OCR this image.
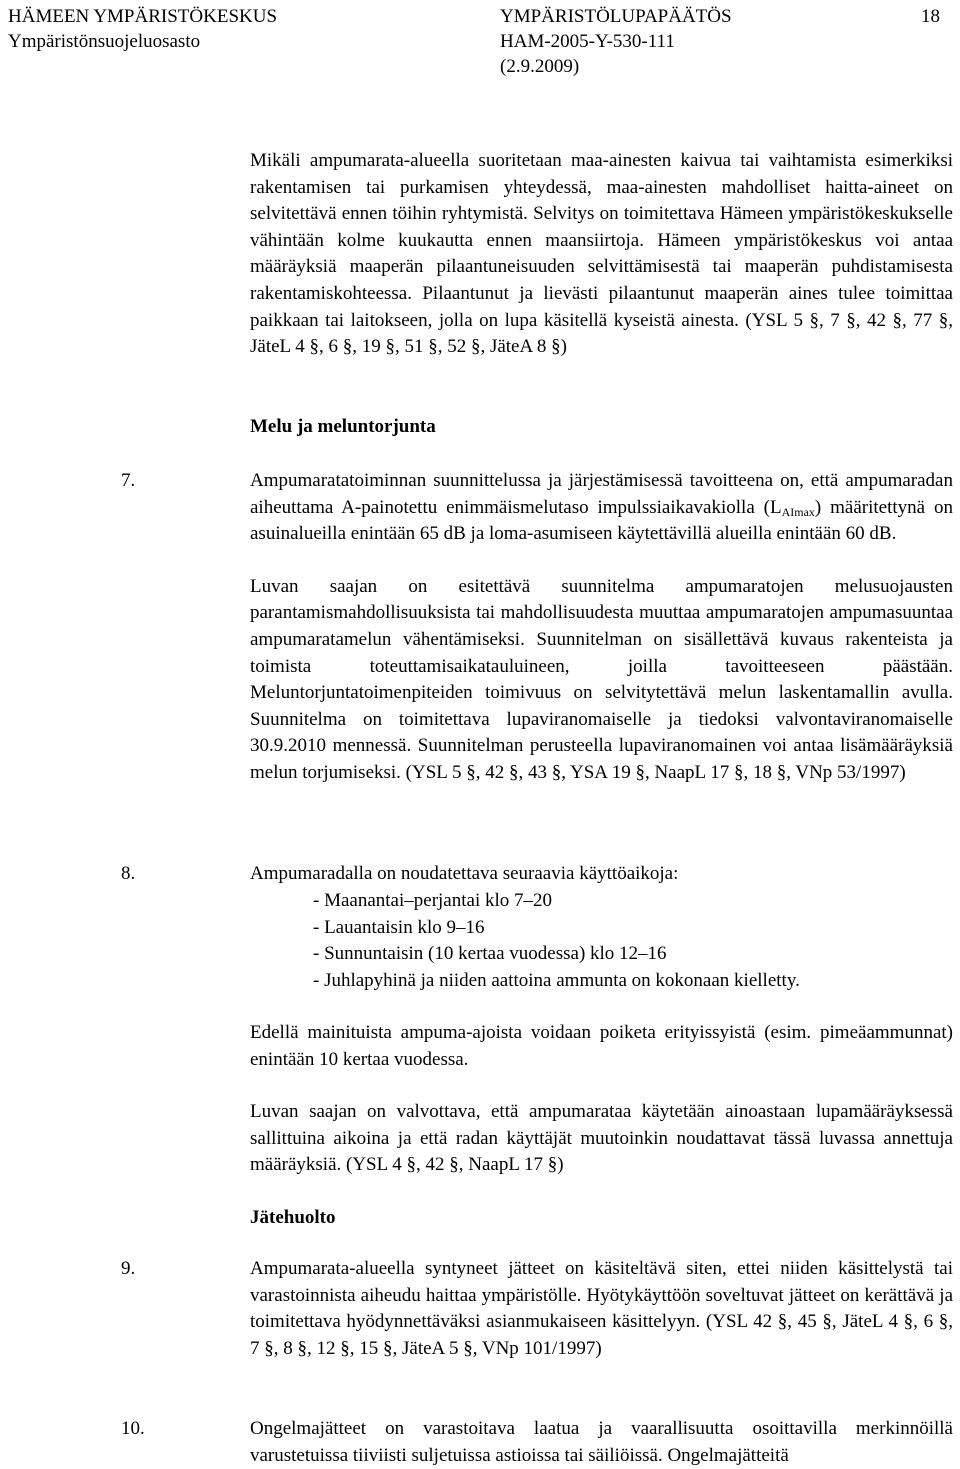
HÄMEEN YMPÄRISTÖKESKUS
Ympäristönsuojeluosasto
YMPÄRISTÖLUPAPÄÄTÖS
HAM-2005-Y-530-111
(2.9.2009)
18

Mikäli ampumarata-alueella suoritetaan maa-ainesten kaivua tai vaihtamista esimerkiksi rakentamisen tai purkamisen yhteydessä, maa-ainesten mahdolliset haitta-aineet on selvitettävä ennen töihin ryhtymistä. Selvitys on toimitettava Hämeen ympäristökeskukselle vähintään kolme kuukautta ennen maansiirtoja. Hämeen ympäristökeskus voi antaa määräyksiä maaperän pilaantuneisuuden selvittämisestä tai maaperän puhdistamisesta rakentamiskohteessa. Pilaantunut ja lievästi pilaantunut maaperän aines tulee toimittaa paikkaan tai laitokseen, jolla on lupa käsitellä kyseistä ainesta. (YSL 5 §, 7 §, 42 §, 77 §, JäteL 4 §, 6 §, 19 §, 51 §, 52 §, JäteA 8 §)

Melu ja meluntorjunta
7.	Ampumaratatoiminnan suunnittelussa ja järjestämisessä tavoitteena on, että ampumaradan aiheuttama A-painotettu enimmäismelutaso impulssiaikavakiolla $(L_{AImax})$ määritettynä on asuinalueilla enintään 65 dB ja loma-asumiseen käytettävillä alueilla enintään 60 dB.

Luvan saajan on esitettävä suunnitelma ampumaratojen melusuojausten parantamismahdollisuuksista tai mahdollisuudesta muuttaa ampumaratojen ampumasuuntaa ampumaratamelun vähentämiseksi. Suunnitelman on sisällettävä kuvaus rakenteista ja toimista toteuttamisaikatauluineen, joilla tavoitteeseen päästään. Meluntorjuntatoimenpiteiden toimivuus on selvitytettävä melun laskentamallin avulla. Suunnitelma on toimitettava lupaviranomaiselle ja tiedoksi valvontaviranomaiselle 30.9.2010 mennessä. Suunnitelman perusteella lupaviranomainen voi antaa lisämääräyksiä melun torjumiseksi. (YSL 5 §, 42 §, 43 §, YSA 19 §, NaapL 17 §, 18 §, VNp 53/1997)

8.	Ampumaradalla on noudatettava seuraavia käyttöaikoja:

- Maanantai–perjantai klo 7–20
- Lauantaisin klo 9–16
- Sunnuntaisin (10 kertaa vuodessa) klo 12–16
- Juhlapyhinä ja niiden aattoina ammunta on kokonaan kielletty.

Edellä mainituista ampuma-ajoista voidaan poiketa erityissyistä (esim. pimeäammunnat) enintään 10 kertaa vuodessa.

Luvan saajan on valvottava, että ampumarataa käytetään ainoastaan lupamääräyksessä sallittuina aikoina ja että radan käyttäjät muutoinkin noudattavat tässä luvassa annettuja määräyksiä. (YSL 4 §, 42 §, NaapL 17 §)

Jätehuolto
9.	Ampumarata-alueella syntyneet jätteet on käsiteltävä siten, ettei niiden käsittelystä tai varastoinnista aiheudu haittaa ympäristölle. Hyötykäyttöön soveltuvat jätteet on kerättävä ja toimitettava hyödynnettäväksi asianmukaiseen käsittelyyn. (YSL 42 §, 45 §, JäteL 4 §, 6 §, 7 §, 8 §, 12 §, 15 §, JäteA 5 §, VNp 101/1997)

10.	Ongelmajätteet on varastoitava laatua ja vaarallisuutta osoittavilla merkinnöillä varustetuissa tiiviisti suljetuissa astioissa tai säiliöissä. Ongelmajätteitä
